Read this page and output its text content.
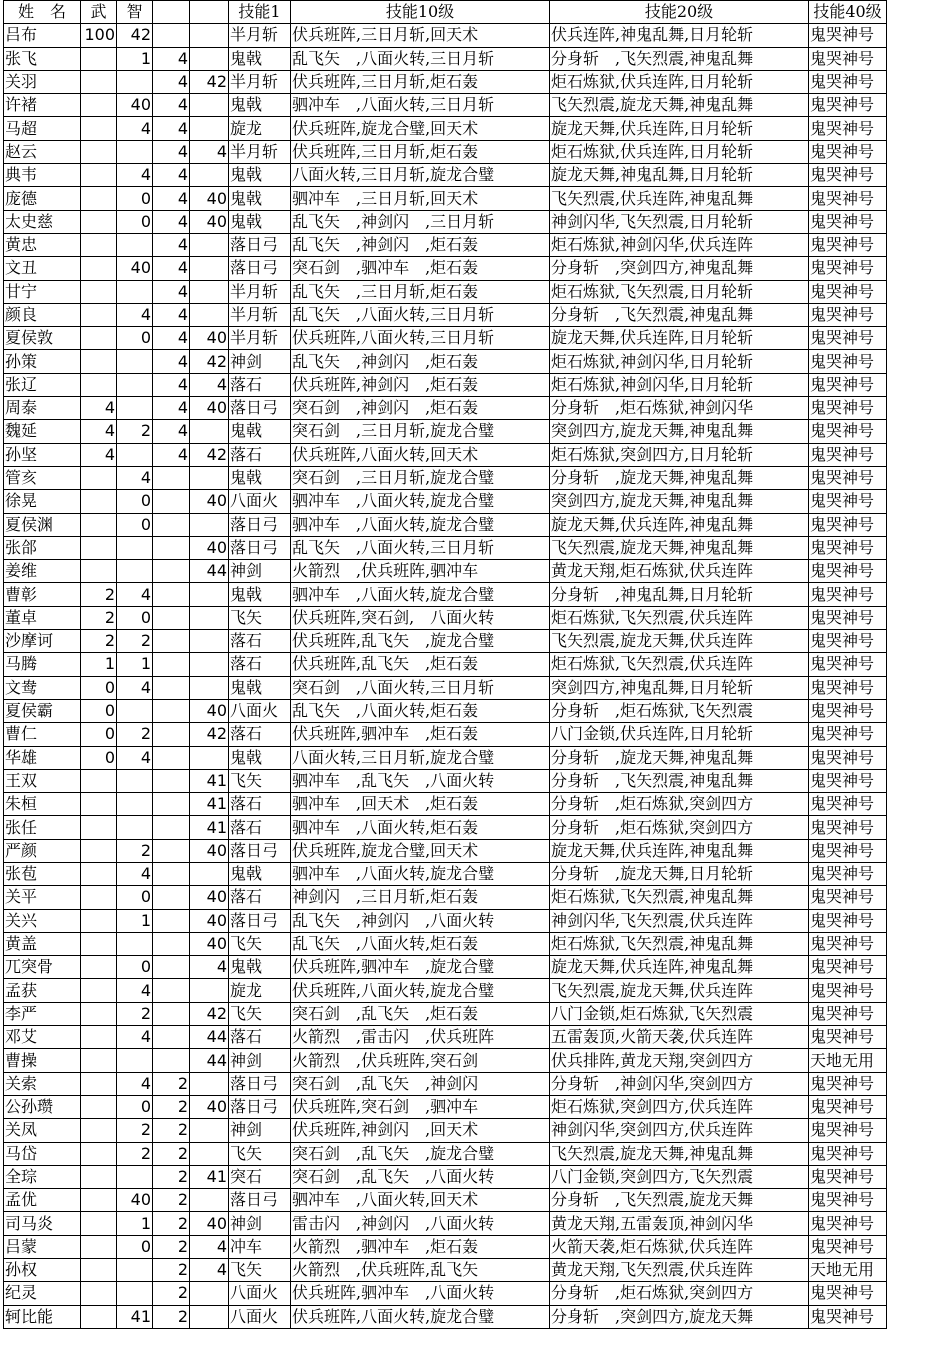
姓　名	武	智			技能1	技能10级	技能20级	技能40级
吕布	100	42			半月斩	伏兵班阵,三日月斩,回天术	伏兵连阵,神鬼乱舞,日月轮斩	鬼哭神号
张飞		1	4		鬼戟	乱飞矢　,八面火转,三日月斩	分身斩　,飞矢烈震,神鬼乱舞	鬼哭神号
关羽			4	42	半月斩	伏兵班阵,三日月斩,炬石轰	炬石炼狱,伏兵连阵,日月轮斩	鬼哭神号
许褚		40	4		鬼戟	驷冲车　,八面火转,三日月斩	飞矢烈震,旋龙天舞,神鬼乱舞	鬼哭神号
马超		4	4		旋龙	伏兵班阵,旋龙合璧,回天术	旋龙天舞,伏兵连阵,日月轮斩	鬼哭神号
赵云			4	4	半月斩	伏兵班阵,三日月斩,炬石轰	炬石炼狱,伏兵连阵,日月轮斩	鬼哭神号
典韦		4	4		鬼戟	八面火转,三日月斩,旋龙合璧	旋龙天舞,神鬼乱舞,日月轮斩	鬼哭神号
庞德		0	4	40	鬼戟	驷冲车　,三日月斩,回天术	飞矢烈震,伏兵连阵,神鬼乱舞	鬼哭神号
太史慈		0	4	40	鬼戟	乱飞矢　,神剑闪　,三日月斩	神剑闪华,飞矢烈震,日月轮斩	鬼哭神号
黄忠			4		落日弓	乱飞矢　,神剑闪　,炬石轰	炬石炼狱,神剑闪华,伏兵连阵	鬼哭神号
文丑		40	4		落日弓	突石剑　,驷冲车　,炬石轰	分身斩　,突剑四方,神鬼乱舞	鬼哭神号
甘宁			4		半月斩	乱飞矢　,三日月斩,炬石轰	炬石炼狱,飞矢烈震,日月轮斩	鬼哭神号
颜良		4	4		半月斩	乱飞矢　,八面火转,三日月斩	分身斩　,飞矢烈震,神鬼乱舞	鬼哭神号
夏侯敦		0	4	40	半月斩	伏兵班阵,八面火转,三日月斩	旋龙天舞,伏兵连阵,日月轮斩	鬼哭神号
孙策			4	42	神剑	乱飞矢　,神剑闪　,炬石轰	炬石炼狱,神剑闪华,日月轮斩	鬼哭神号
张辽			4	4	落石	伏兵班阵,神剑闪　,炬石轰	炬石炼狱,神剑闪华,日月轮斩	鬼哭神号
周泰	4		4	40	落日弓	突石剑　,神剑闪　,炬石轰	分身斩　,炬石炼狱,神剑闪华	鬼哭神号
魏延	4	2	4		鬼戟	突石剑　,三日月斩,旋龙合璧	突剑四方,旋龙天舞,神鬼乱舞	鬼哭神号
孙坚	4		4	42	落石	伏兵班阵,八面火转,回天术	炬石炼狱,突剑四方,日月轮斩	鬼哭神号
管亥		4			鬼戟	突石剑　,三日月斩,旋龙合璧	分身斩　,旋龙天舞,神鬼乱舞	鬼哭神号
徐晃		0		40	八面火	驷冲车　,八面火转,旋龙合璧	突剑四方,旋龙天舞,神鬼乱舞	鬼哭神号
夏侯渊		0			落日弓	驷冲车　,八面火转,旋龙合璧	旋龙天舞,伏兵连阵,神鬼乱舞	鬼哭神号
张郃				40	落日弓	乱飞矢　,八面火转,三日月斩	飞矢烈震,旋龙天舞,神鬼乱舞	鬼哭神号
姜维				44	神剑	火箭烈　,伏兵班阵,驷冲车	黄龙天翔,炬石炼狱,伏兵连阵	鬼哭神号
曹彰	2	4			鬼戟	驷冲车　,八面火转,旋龙合璧	分身斩　,神鬼乱舞,日月轮斩	鬼哭神号
董卓	2	0			飞矢	伏兵班阵,突石剑,　八面火转	炬石炼狱,飞矢烈震,伏兵连阵	鬼哭神号
沙摩诃	2	2			落石	伏兵班阵,乱飞矢　,旋龙合璧	飞矢烈震,旋龙天舞,伏兵连阵	鬼哭神号
马腾	1	1			落石	伏兵班阵,乱飞矢　,炬石轰	炬石炼狱,飞矢烈震,伏兵连阵	鬼哭神号
文鸯	0	4			鬼戟	突石剑　,八面火转,三日月斩	突剑四方,神鬼乱舞,日月轮斩	鬼哭神号
夏侯霸	0			40	八面火	乱飞矢　,八面火转,炬石轰	分身斩　,炬石炼狱,飞矢烈震	鬼哭神号
曹仁	0	2		42	落石	伏兵班阵,驷冲车　,炬石轰	八门金锁,伏兵连阵,日月轮斩	鬼哭神号
华雄	0	4			鬼戟	八面火转,三日月斩,旋龙合璧	分身斩　,旋龙天舞,神鬼乱舞	鬼哭神号
王双				41	飞矢	驷冲车　,乱飞矢　,八面火转	分身斩　,飞矢烈震,神鬼乱舞	鬼哭神号
朱桓				41	落石	驷冲车　,回天术　,炬石轰	分身斩　,炬石炼狱,突剑四方	鬼哭神号
张任				41	落石	驷冲车　,八面火转,炬石轰	分身斩　,炬石炼狱,突剑四方	鬼哭神号
严颜		2		40	落日弓	伏兵班阵,旋龙合璧,回天术	旋龙天舞,伏兵连阵,神鬼乱舞	鬼哭神号
张苞		4			鬼戟	驷冲车　,八面火转,旋龙合璧	分身斩　,旋龙天舞,日月轮斩	鬼哭神号
关平		0		40	落石	神剑闪　,三日月斩,炬石轰	炬石炼狱,飞矢烈震,神鬼乱舞	鬼哭神号
关兴		1		40	落日弓	乱飞矢　,神剑闪　,八面火转	神剑闪华,飞矢烈震,伏兵连阵	鬼哭神号
黄盖				40	飞矢	乱飞矢　,八面火转,炬石轰	炬石炼狱,飞矢烈震,神鬼乱舞	鬼哭神号
兀突骨		0		4	鬼戟	伏兵班阵,驷冲车　,旋龙合璧	旋龙天舞,伏兵连阵,神鬼乱舞	鬼哭神号
孟获		4			旋龙	伏兵班阵,八面火转,旋龙合璧	飞矢烈震,旋龙天舞,伏兵连阵	鬼哭神号
李严		2		42	飞矢	突石剑　,乱飞矢　,炬石轰	八门金锁,炬石炼狱,飞矢烈震	鬼哭神号
邓艾		4		44	落石	火箭烈　,雷击闪　,伏兵班阵	五雷轰顶,火箭天袭,伏兵连阵	鬼哭神号
曹操				44	神剑	火箭烈　,伏兵班阵,突石剑	伏兵排阵,黄龙天翔,突剑四方	天地无用
关索		4	2		落日弓	突石剑　,乱飞矢　,神剑闪	分身斩　,神剑闪华,突剑四方	鬼哭神号
公孙瓒		0	2	40	落日弓	伏兵班阵,突石剑　,驷冲车	炬石炼狱,突剑四方,伏兵连阵	鬼哭神号
关凤		2	2		神剑	伏兵班阵,神剑闪　,回天术	神剑闪华,突剑四方,伏兵连阵	鬼哭神号
马岱		2	2		飞矢	突石剑　,乱飞矢　,旋龙合璧	飞矢烈震,旋龙天舞,神鬼乱舞	鬼哭神号
全琮			2	41	突石	突石剑　,乱飞矢　,八面火转	八门金锁,突剑四方,飞矢烈震	鬼哭神号
孟优		40	2		落日弓	驷冲车　,八面火转,回天术	分身斩　,飞矢烈震,旋龙天舞	鬼哭神号
司马炎		1	2	40	神剑	雷击闪　,神剑闪　,八面火转	黄龙天翔,五雷轰顶,神剑闪华	鬼哭神号
吕蒙		0	2	4	冲车	火箭烈　,驷冲车　,炬石轰	火箭天袭,炬石炼狱,伏兵连阵	鬼哭神号
孙权			2	4	飞矢	火箭烈　,伏兵班阵,乱飞矢	黄龙天翔,飞矢烈震,伏兵连阵	天地无用
纪灵			2		八面火	伏兵班阵,驷冲车　,八面火转	分身斩　,炬石炼狱,突剑四方	鬼哭神号
轲比能		41	2		八面火	伏兵班阵,八面火转,旋龙合璧	分身斩　,突剑四方,旋龙天舞	鬼哭神号
